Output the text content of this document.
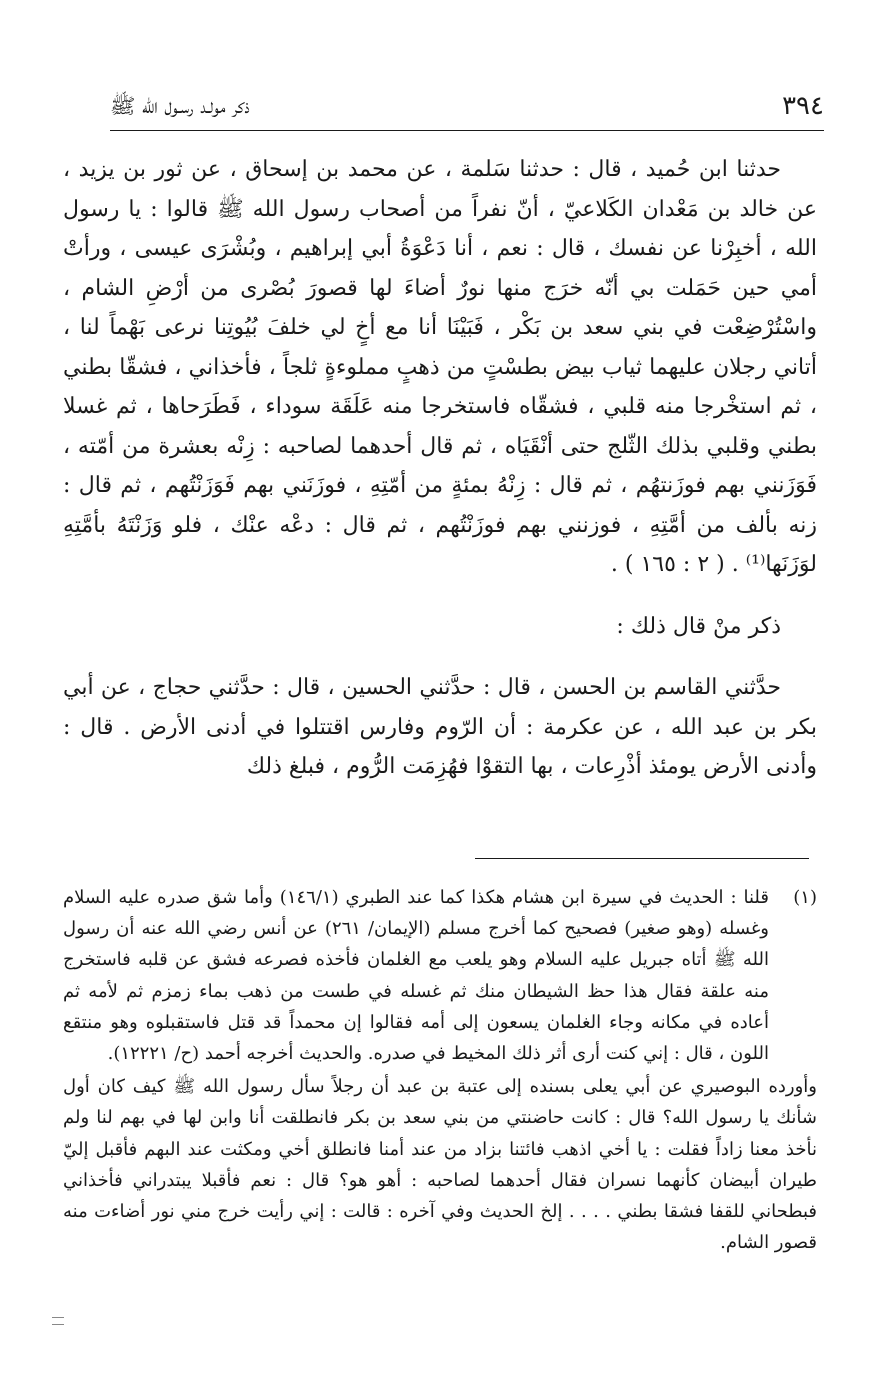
٣٩٤
ذكر مولـد رسـول الله ﷺ

حدثنا ابن حُميد ، قال : حدثنا سَلمة ، عن محمد بن إسحاق ، عن ثور بن يزيد ، عن خالد بن مَعْدان الكَلاعيّ ، أنّ نفراً من أصحاب رسول الله ﷺ قالوا : يا رسول الله ، أخبِرْنا عن نفسك ، قال : نعم ، أنا دَعْوَةُ أبي إبراهيم ، وبُشْرَى عيسى ، ورأتْ أمي حين حَمَلت بي أنّه خرَج منها نورٌ أضاءَ لها قصورَ بُصْرى من أرْضِ الشام ، واسْتُرْضِعْت في بني سعد بن بَكْر ، فَبَيْنَا أنا مع أخٍ لي خلفَ بُيُوتِنا نرعى بَهْماً لنا ، أتاني رجلان عليهما ثياب بيض بطسْتٍ من ذهبٍ مملوءةٍ ثلجاً ، فأخذاني ، فشقّا بطني ، ثم استخْرجا منه قلبي ، فشقّاه فاستخرجا منه عَلَقَة سوداء ، فَطَرَحاها ، ثم غسلا بطني وقلبي بذلك الثّلج حتى أنْقَيَاه ، ثم قال أحدهما لصاحبه : زِنْه بعشرة من أمّته ، فَوَزَنني بهم فوزَنتهُم ، ثم قال : زِنْهُ بمئةٍ من أمّتِهِ ، فوزَنَني بهم فَوَزَنْتُهم ، ثم قال : زنه بألف من أمَّتِهِ ، فوزنني بهم فوزَنْتُهم ، ثم قال : دعْه عنْك ، فلو وَزَنْتَهُ بأمَّتِهِ لوَزَنَها⁽¹⁾ . ( ٢ : ١٦٥ ) .

ذكر منْ قال ذلك :

حدَّثني القاسم بن الحسن ، قال : حدَّثني الحسين ، قال : حدَّثني حجاج ، عن أبي بكر بن عبد الله ، عن عكرمة : أن الرّوم وفارس اقتتلوا في أدنى الأرض . قال : وأدنى الأرض يومئذ أذْرِعات ، بها التقوْا فهُزِمَت الرُّوم ، فبلغ ذلك

(١)

قلنا : الحديث في سيرة ابن هشام هكذا كما عند الطبري (١٤٦/١) وأما شق صدره عليه السلام وغسله (وهو صغير) فصحيح كما أخرج مسلم (الإيمان/ ٢٦١) عن أنس رضي الله عنه أن رسول الله ﷺ أتاه جبريل عليه السلام وهو يلعب مع الغلمان فأخذه فصرعه فشق عن قلبه فاستخرج منه علقة فقال هذا حظ الشيطان منك ثم غسله في طست من ذهب بماء زمزم ثم لأمه ثم أعاده في مكانه وجاء الغلمان يسعون إلى أمه فقالوا إن محمداً قد قتل فاستقبلوه وهو منتقع اللون ، قال : إني كنت أرى أثر ذلك المخيط في صدره. والحديث أخرجه أحمد (ح/ ١٢٢٢١).

وأورده البوصيري عن أبي يعلى بسنده إلى عتبة بن عبد أن رجلاً سأل رسول الله ﷺ كيف كان أول شأنك يا رسول الله؟ قال : كانت حاضنتي من بني سعد بن بكر فانطلقت أنا وابن لها في بهم لنا ولم نأخذ معنا زاداً فقلت : يا أخي اذهب فائتنا بزاد من عند أمنا فانطلق أخي ومكثت عند البهم فأقبل إليّ طيران أبيضان كأنهما نسران فقال أحدهما لصاحبه : أهو هو؟ قال : نعم فأقبلا يبتدراني فأخذاني فبطحاني للقفا فشقا بطني . . . . إلخ الحديث وفي آخره : قالت : إني رأيت خرج مني نور أضاءت منه قصور الشام.
